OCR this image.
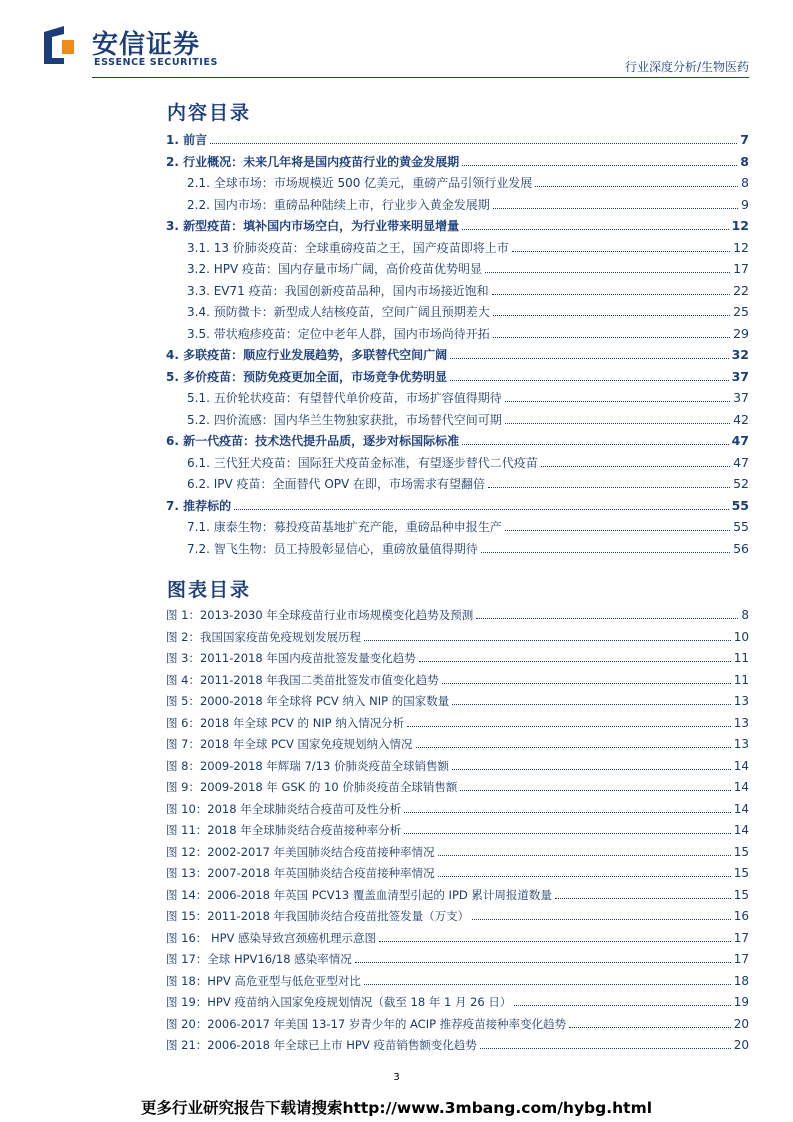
安信证券
ESSENCE SECURITIES	行业深度分析/生物医药
内容目录
1. 前言	7
2. 行业概况：未来几年将是国内疫苗行业的黄金发展期	8
2.1. 全球市场：市场规模近 500 亿美元，重磅产品引领行业发展	8
2.2. 国内市场：重磅品种陆续上市，行业步入黄金发展期	9
3. 新型疫苗：填补国内市场空白，为行业带来明显增量	12
3.1. 13 价肺炎疫苗：全球重磅疫苗之王，国产疫苗即将上市	12
3.2. HPV 疫苗：国内存量市场广阔，高价疫苗优势明显	17
3.3. EV71 疫苗：我国创新疫苗品种，国内市场接近饱和	22
3.4. 预防微卡：新型成人结核疫苗，空间广阔且预期差大	25
3.5. 带状疱疹疫苗：定位中老年人群，国内市场尚待开拓	29
4. 多联疫苗：顺应行业发展趋势，多联替代空间广阔	32
5. 多价疫苗：预防免疫更加全面，市场竞争优势明显	37
5.1. 五价轮状疫苗：有望替代单价疫苗，市场扩容值得期待	37
5.2. 四价流感：国内华兰生物独家获批，市场替代空间可期	42
6. 新一代疫苗：技术迭代提升品质，逐步对标国际标准	47
6.1. 三代狂犬疫苗：国际狂犬疫苗金标准，有望逐步替代二代疫苗	47
6.2. IPV 疫苗：全面替代 OPV 在即，市场需求有望翻倍	52
7. 推荐标的	55
7.1. 康泰生物：募投疫苗基地扩充产能，重磅品种申报生产	55
7.2. 智飞生物：员工持股彰显信心，重磅放量值得期待	56
图表目录
图 1：2013-2030 年全球疫苗行业市场规模变化趋势及预测	8
图 2：我国国家疫苗免疫规划发展历程	10
图 3：2011-2018 年国内疫苗批签发量变化趋势	11
图 4：2011-2018 年我国二类苗批签发市值变化趋势	11
图 5：2000-2018 年全球将 PCV 纳入 NIP 的国家数量	13
图 6：2018 年全球 PCV 的 NIP 纳入情况分析	13
图 7：2018 年全球 PCV 国家免疫规划纳入情况	13
图 8：2009-2018 年辉瑞 7/13 价肺炎疫苗全球销售额	14
图 9：2009-2018 年 GSK 的 10 价肺炎疫苗全球销售额	14
图 10：2018 年全球肺炎结合疫苗可及性分析	14
图 11：2018 年全球肺炎结合疫苗接种率分析	14
图 12：2002-2017 年美国肺炎结合疫苗接种率情况	15
图 13：2007-2018 年英国肺炎结合疫苗接种率情况	15
图 14：2006-2018 年英国 PCV13 覆盖血清型引起的 IPD 累计周报道数量	15
图 15：2011-2018 年我国肺炎结合疫苗批签发量（万支）	16
图 16： HPV 感染导致宫颈癌机理示意图	17
图 17：全球 HPV16/18 感染率情况	17
图 18：HPV 高危亚型与低危亚型对比	18
图 19：HPV 疫苗纳入国家免疫规划情况（截至 18 年 1 月 26 日）	19
图 20：2006-2017 年美国 13-17 岁青少年的 ACIP 推荐疫苗接种率变化趋势	20
图 21：2006-2018 年全球已上市 HPV 疫苗销售额变化趋势	20
3
更多行业研究报告下载请搜索http://www.3mbang.com/hybg.html
